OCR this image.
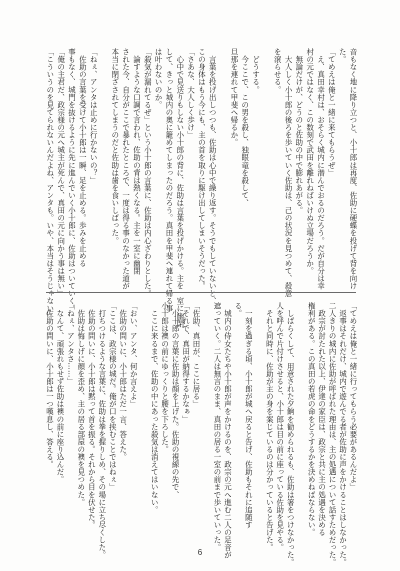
音もなく地に降り立つと、小十郎は再度、佐助に硬蝶を投げて背を向け
た。
「てめえは俺と一緒に来てもらうぜ」
　え、真田幸村は、おそらく城内に潜んでおるのだろう。だが自分は幸
村の元ではなく、この数刻で武田を離れねばいけぬ立場だろうか。
　無論だけが、どうのと佐助の中で膨れあがる。
　大人しく小十郎の後ろを歩いていく佐助は、己の状況を見つめて、殺意
を滾らせる。
　どうする。
　今ここで、この男を殺し、独眼竜を殺して、
旦那を連れて甲斐へ帰るか。
　言葉を投げ出しつつも、佐助は心中で繰り返す。そうでもしていないと、
この身体はもう今にも、主の首を取りに駆け出してしまいそうだった。
「さあな、大人しく歩け」
　心中で見送りもしない小十郎の背に、佐助は言葉を投げかける。主を一室に幽閉
して、きっと城内の奥に籠めてしまったのだろう。真田を甲斐へ連れて帰る事
は叶わないのか。
「殺気が漏れてるぜ」という小十郎の言葉に、佐助は内心ざわりとした。
　論すような口調で言われ、佐助の背は熱くなる。主を一室に幽閉
された今、自分がここで暴れたところで、一度は得る事のなかった道が
本当に閉ざされてしまうのだと佐助は歯を食いしばった。
「ねぇ、アンタは止めに行かないの？」
　佐助の言葉を受けて小十郎は一瞬、足を止める。歩みを止める
事もなく、城門を抜けるように先に進んでいく小十郎に、佐助はついていく。
「俺の主君だ、政宗様の元へ城主が死んで、真田の元に向かう事は無い」
「こういうのを見てられないんだよね、アンタも。いや、本当はそうじゃない」
「てめえは俺と一緒に行ってもらう必要があるんだよ」
　返事はそれだけ、城内で遊んでる者が佐助に声をかけることはしなかった。
二人きりの城内に佐助が呼ばれた理由は、主の処遇について話すためだった。
　政宗が討たれた以上、伊達の家臣は、政宗と共に主の処遇を決める
権利がある。この真田の若虎の命をどうするかを決めねばならない。
　しばらくして、用意された夕餉を勧められるも、佐助は箸をつけなかった。
人を呼んで片付けさせると、小十郎は目の前に座っている佐助を見やる。
　それと同時に、佐助が主の身を案じているのは分かっていると告げた。
　一刻を過ぎる頃、小十郎が城へ戻ると告げ、佐助もそれに追随す
る。
　城内の侍女たちや小十郎が声をかけるのを、政宗の元へ進む二人の足音が
遮っていく。二人は無言のまま、真田の居る一室の前まで歩いていった。
「佐助、真田が、ここに居る」
「それで、真田が納得するかなぁ」
　小十郎の言葉に佐助は顔を上げた。佐助の視線の先で、
小十郎は襖の前にゆっくりと腰を下ろした。
　ここに来るまで、佐助の中にあった殺気は消えてはいない。
「おい、アンタ、何か言えよ」
　佐助の問いに、小十郎はただ一言、答えた。
「ここは、政宗様の城だ。俺が口を挟むことではねぇ」
　打ちつけるような言葉に、佐助は拳を握りしめ、その場に立ち尽くした。
　佐助の問いに、小十郎は黙って首を振る。それから目を伏せた。
　佐助は悔しげに顔を歪め、主の居る部屋の襖を見つめた。
「ねぇ、アンタさ……」
　なんて、頑張れもせず佐助は襖の前に座り込んだ。
　佐助の問いに、小十郎は一つ嘆息し、答える。
6
